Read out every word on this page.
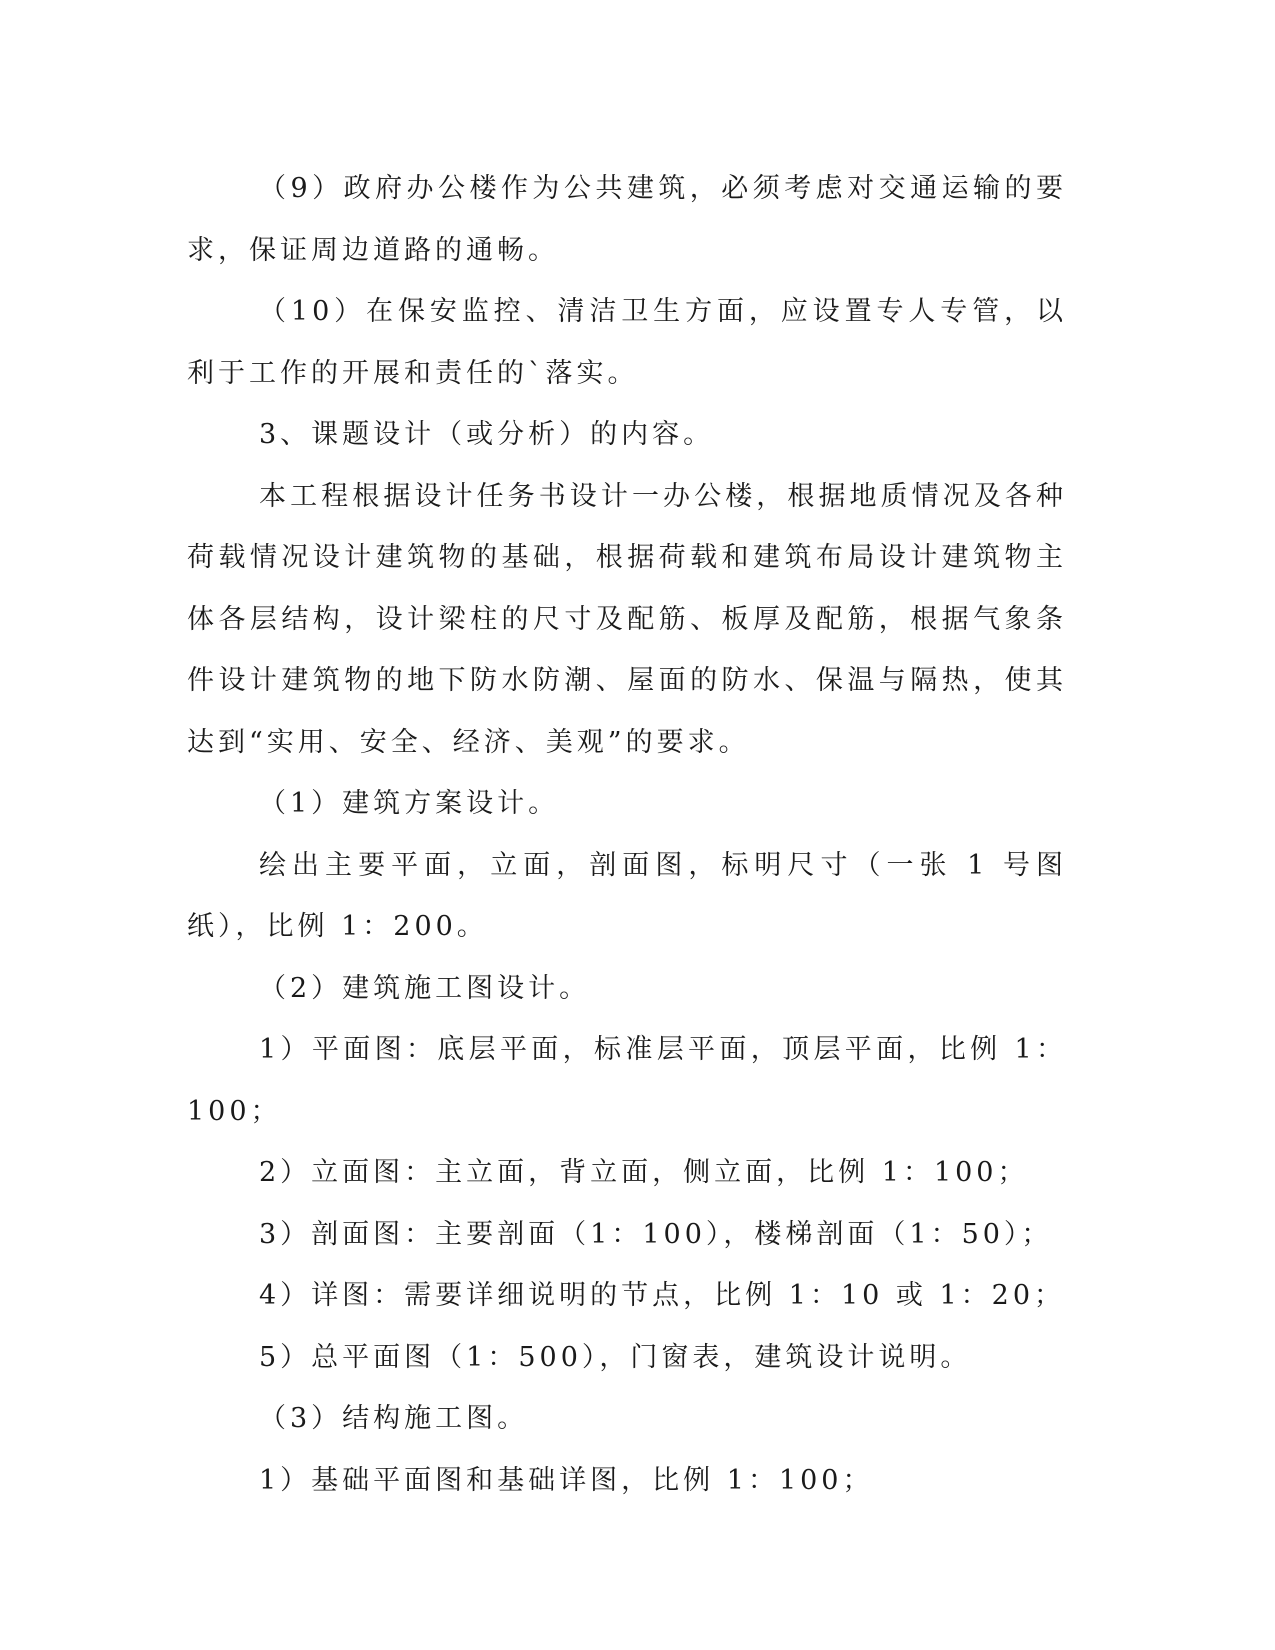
（9）政府办公楼作为公共建筑，必须考虑对交通运输的要求，保证周边道路的通畅。

（10）在保安监控、清洁卫生方面，应设置专人专管，以利于工作的开展和责任的`落实。

3、课题设计（或分析）的内容。

本工程根据设计任务书设计一办公楼，根据地质情况及各种荷载情况设计建筑物的基础，根据荷载和建筑布局设计建筑物主体各层结构，设计梁柱的尺寸及配筋、板厚及配筋，根据气象条件设计建筑物的地下防水防潮、屋面的防水、保温与隔热，使其达到“实用、安全、经济、美观”的要求。

（1）建筑方案设计。

绘出主要平面，立面，剖面图，标明尺寸（一张 1 号图纸），比例 1：200。

（2）建筑施工图设计。

1）平面图：底层平面，标准层平面，顶层平面，比例 1：100；

2）立面图：主立面，背立面，侧立面，比例 1：100；

3）剖面图：主要剖面（1：100），楼梯剖面（1：50）；

4）详图：需要详细说明的节点，比例 1：10 或 1：20；

5）总平面图（1：500），门窗表，建筑设计说明。

（3）结构施工图。

1）基础平面图和基础详图，比例 1：100；
